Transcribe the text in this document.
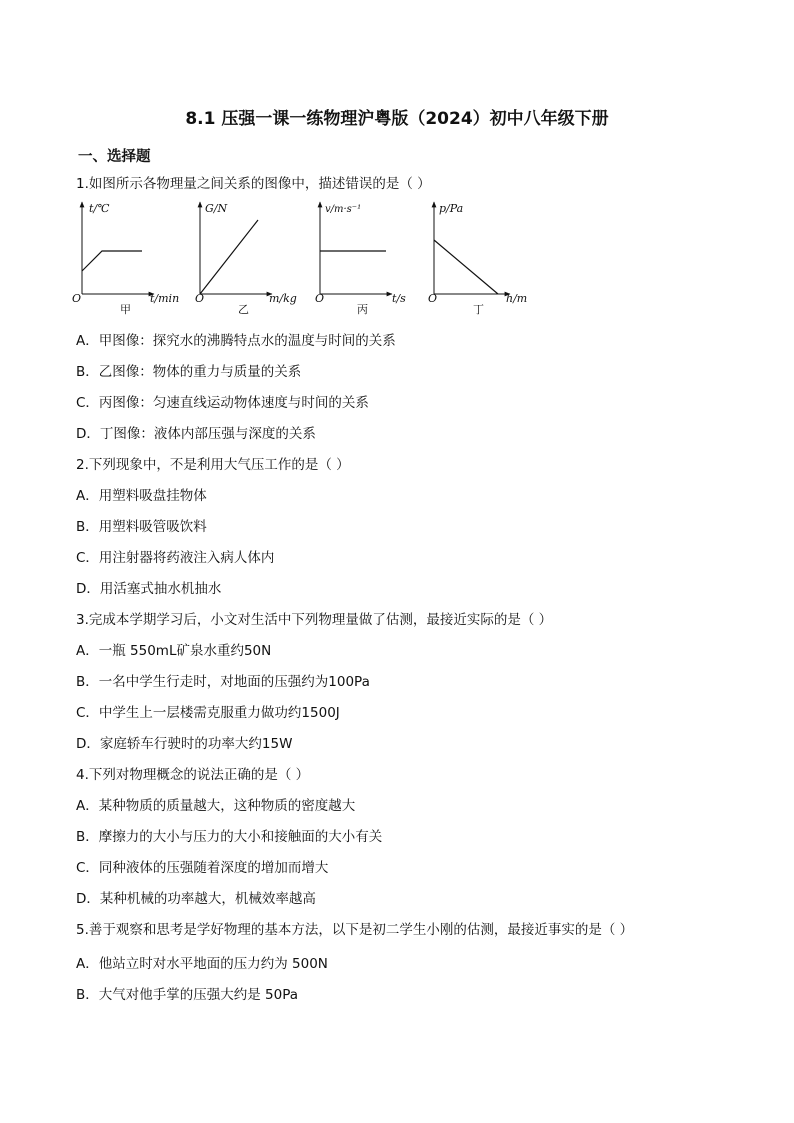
8.1 压强一课一练物理沪粤版（2024）初中八年级下册
一、选择题
1.如图所示各物理量之间关系的图像中，描述错误的是（ ）
t/℃
O	t/min
甲
G/N
O	m/kg
乙
v/m·s⁻¹
O	t/s
丙
p/Pa
O	h/m
丁
A．甲图像：探究水的沸腾特点水的温度与时间的关系
B．乙图像：物体的重力与质量的关系
C．丙图像：匀速直线运动物体速度与时间的关系
D．丁图像：液体内部压强与深度的关系
2.下列现象中，不是利用大气压工作的是（ ）
A．用塑料吸盘挂物体
B．用塑料吸管吸饮料
C．用注射器将药液注入病人体内
D．用活塞式抽水机抽水
3.完成本学期学习后，小文对生活中下列物理量做了估测，最接近实际的是（ ）
A．一瓶 550mL矿泉水重约50N
B．一名中学生行走时，对地面的压强约为100Pa
C．中学生上一层楼需克服重力做功约1500J
D．家庭轿车行驶时的功率大约15W
4.下列对物理概念的说法正确的是（ ）
A．某种物质的质量越大，这种物质的密度越大
B．摩擦力的大小与压力的大小和接触面的大小有关
C．同种液体的压强随着深度的增加而增大
D．某种机械的功率越大，机械效率越高
5.善于观察和思考是学好物理的基本方法，以下是初二学生小刚的估测，最接近事实的是（ ）
A．他站立时对水平地面的压力约为 500N
B．大气对他手掌的压强大约是 50Pa
